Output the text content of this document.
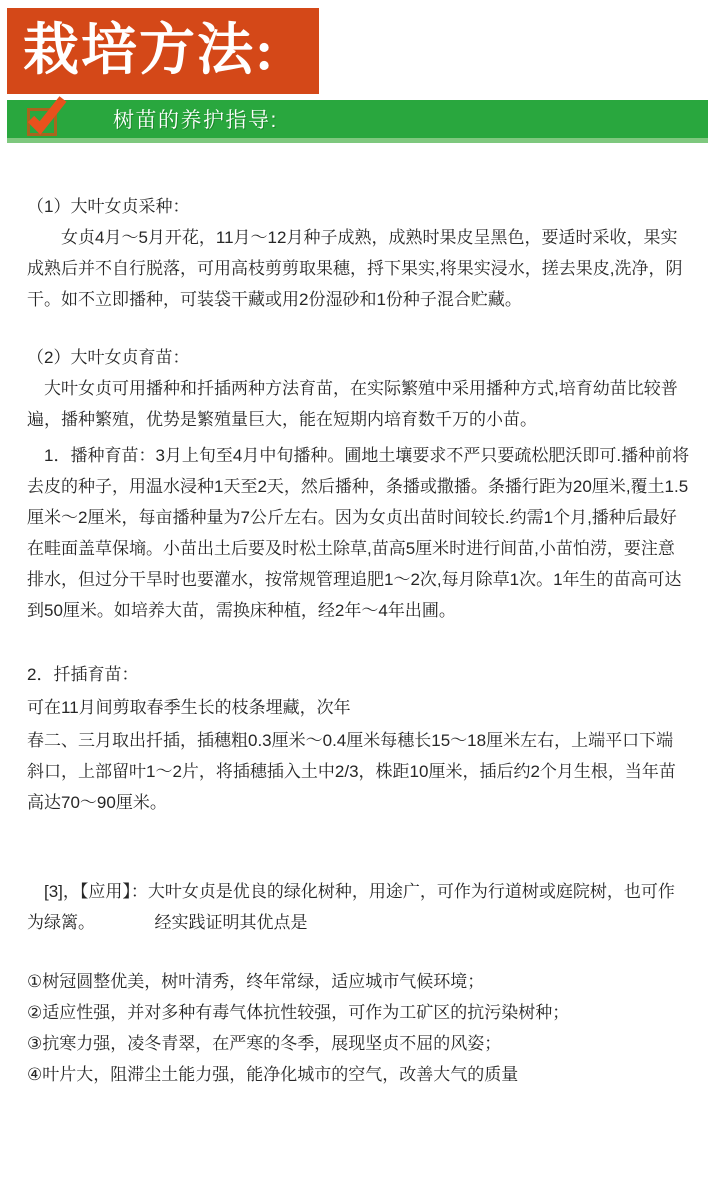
栽培方法:
树苗的养护指导:

（1）大叶女贞采种：

　　女贞4月～5月开花，11月～12月种子成熟，成熟时果皮呈黑色，要适时采收，果实成熟后并不自行脱落，可用高枝剪剪取果穗，捋下果实,将果实浸水，搓去果皮,洗净，阴干。如不立即播种，可装袋干藏或用2份湿砂和1份种子混合贮藏。

（2）大叶女贞育苗：

　大叶女贞可用播种和扦插两种方法育苗，在实际繁殖中采用播种方式,培育幼苗比较普遍，播种繁殖，优势是繁殖量巨大，能在短期内培育数千万的小苗。

　1．播种育苗：3月上旬至4月中旬播种。圃地土壤要求不严只要疏松肥沃即可.播种前将去皮的种子，用温水浸种1天至2天，然后播种，条播或撒播。条播行距为20厘米,覆土1.5厘米～2厘米，每亩播种量为7公斤左右。因为女贞出苗时间较长.约需1个月,播种后最好在畦面盖草保墒。小苗出土后要及时松土除草,苗高5厘米时进行间苗,小苗怕涝，要注意排水，但过分干旱时也要灌水，按常规管理追肥1～2次,每月除草1次。1年生的苗高可达到50厘米。如培养大苗，需换床种植，经2年～4年出圃。

2．扦插育苗：

可在11月间剪取春季生长的枝条埋藏，次年

春二、三月取出扦插，插穗粗0.3厘米～0.4厘米每穗长15～18厘米左右，上端平口下端斜口，上部留叶1～2片，将插穗插入土中2/3，株距10厘米，插后约2个月生根，当年苗高达70～90厘米。

　[3]，【应用】：大叶女贞是优良的绿化树种，用途广，可作为行道树或庭院树，也可作为绿篱。　　　　经实践证明其优点是

①树冠圆整优美，树叶清秀，终年常绿，适应城市气候环境；

②适应性强，并对多种有毒气体抗性较强，可作为工矿区的抗污染树种；

③抗寒力强，凌冬青翠，在严寒的冬季，展现坚贞不屈的风姿；

④叶片大，阻滞尘土能力强，能净化城市的空气，改善大气的质量
